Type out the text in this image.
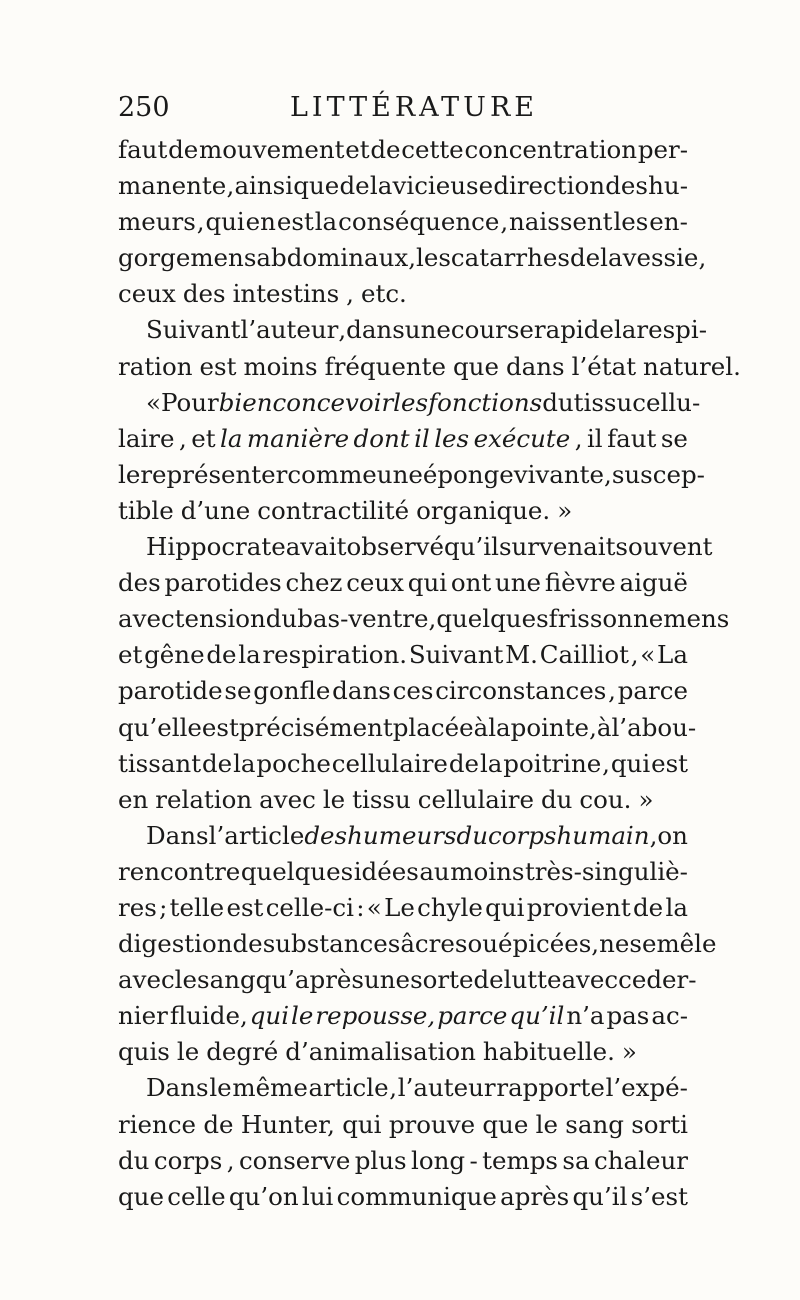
250	LITTÉRATURE
faut de mouvement et de cette concentration per-
manente , ainsi que de la vicieuse direction des hu-
meurs , qui en est la conséquence , naissent les en-
gorgemens abdominaux, les catarrhes de la vessie ,
ceux des intestins , etc.
Suivant l’auteur , dans une course rapide la respi-
ration est moins fréquente que dans l’état naturel.
« Pour bien concevoir les fonctions du tissu cellu-
laire , et la manière dont il les exécute , il faut se
le représenter comme une éponge vivante , suscep-
tible d’une contractilité organique. »
Hippocrate avait observé qu’il survenait souvent
des parotides chez ceux qui ont une fièvre aiguë
avec tension du bas-ventre , quelques frissonnemens
et gêne de la respiration. Suivant M. Cailliot , « La
parotide se gonfle dans ces circonstances , parce
qu’elle est précisément placée à la pointe , à l’abou-
tissant de la poche cellulaire de la poitrine , qui est
en relation avec le tissu cellulaire du cou. »
Dans l’article des humeurs du corps humain , on
rencontre quelques idées au moins très-singuliè-
res ; telle est celle-ci : « Le chyle qui provient de la
digestion de substances âcres ou épicées , ne se mêle
avec le sang qu’après une sorte de lutte avec ce der-
nier fluide, qui le repousse, parce qu’il n’a pas ac-
quis le degré d’animalisation habituelle. »
Dans le même article , l’auteur rapporte l’expé-
rience de Hunter, qui prouve que le sang sorti
du corps , conserve plus long - temps sa chaleur
que celle qu’on lui communique après qu’il s’est
